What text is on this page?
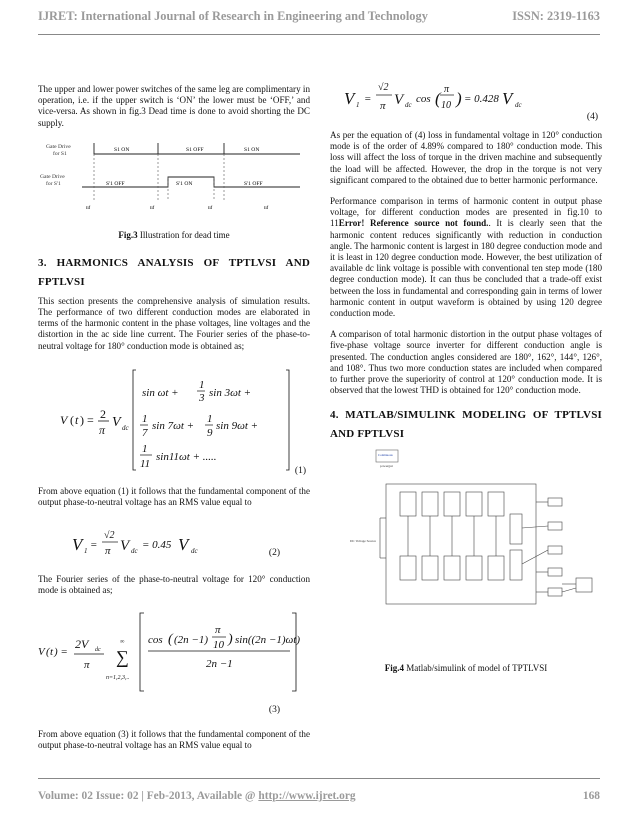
IJRET: International Journal of Research in Engineering and Technology	ISSN: 2319-1163

The upper and lower power switches of the same leg are complimentary in operation, i.e. if the upper switch is ‘ON’ the lower must be ‘OFF,’ and vice-versa. As shown in fig.3 Dead time is done to avoid shorting the DC supply.

Gate Drive
for S1
Gate Drive
for S'1
S1 ON	S1 OFF	S1 ON
S'1 OFF	S'1 ON	S'1 OFF
td	td	td	td
Fig.3 Illustration for dead time
3. HARMONICS ANALYSIS OF TPTLVSI AND FPTLVSI

This section presents the comprehensive analysis of simulation results. The performance of two different conduction modes are elaborated in terms of the harmonic content in the phase voltages, line voltages and the distortion in the ac side line current. The Fourier series of the phase-to-neutral voltage for 180° conduction mode is obtained as;

V ( t ) = 2
π V dc
sin ωt +
1
3 sin 3ωt +
1
7
sin 7ωt +
1
9
sin 9ωt +
1
11
sin11ωt + .....
(1)

From above equation (1) it follows that the fundamental component of the output phase-to-neutral voltage has an RMS value equal to

V 1 =
√2
π V dc = 0.45 V dc	(2)

The Fourier series of the phase-to-neutral voltage for 120° conduction mode is obtained as;

V ( t ) =
2V dc
π
∞
∑
n=1,2,3,..
cos ( (2n −1)
π
10 ) sin((2n −1)ωt)
2n −1
(3)

From above equation (3) it follows that the fundamental component of the output phase-to-neutral voltage has an RMS value equal to

V 1 =
√2
π V dc cos ( π
10 ) = 0.428 V dc
(4)

As per the equation of (4) loss in fundamental voltage in 120° conduction mode is of the order of 4.89% compared to 180° conduction mode. This loss will affect the loss of torque in the driven machine and subsequently the load will be affected. However, the drop in the torque is not very significant compared to the obtained due to better harmonic performance.

Performance comparison in terms of harmonic content in output phase voltage, for different conduction modes are presented in fig.10 to 11Error! Reference source not found.. It is clearly seen that the harmonic content reduces significantly with reduction in conduction angle. The harmonic content is largest in 180 degree conduction mode and it is least in 120 degree conduction mode. However, the best utilization of available dc link voltage is possible with conventional ten step mode (180 degree conduction mode). It can thus be concluded that a trade-off exist between the loss in fundamental and corresponding gain in terms of lower harmonic content in output waveform is obtained by using 120 degree conduction mode.

A comparison of total harmonic distortion in the output phase voltages of five-phase voltage source inverter for different conduction angle is presented. The conduction angles considered are 180°, 162°, 144°, 126°, and 108°. Thus two more conduction states are included when compared to further prove the superiority of control at 120° conduction mode. It is observed that the lowest THD is obtained for 120° conduction mode.

4. MATLAB/SIMULINK MODELING OF TPTLVSI AND FPTLVSI
Continuous
powergui
DC Voltage Source
Fig.4 Matlab/simulink of model of TPTLVSI
Volume: 02 Issue: 02 | Feb-2013, Available @ http://www.ijret.org	168
